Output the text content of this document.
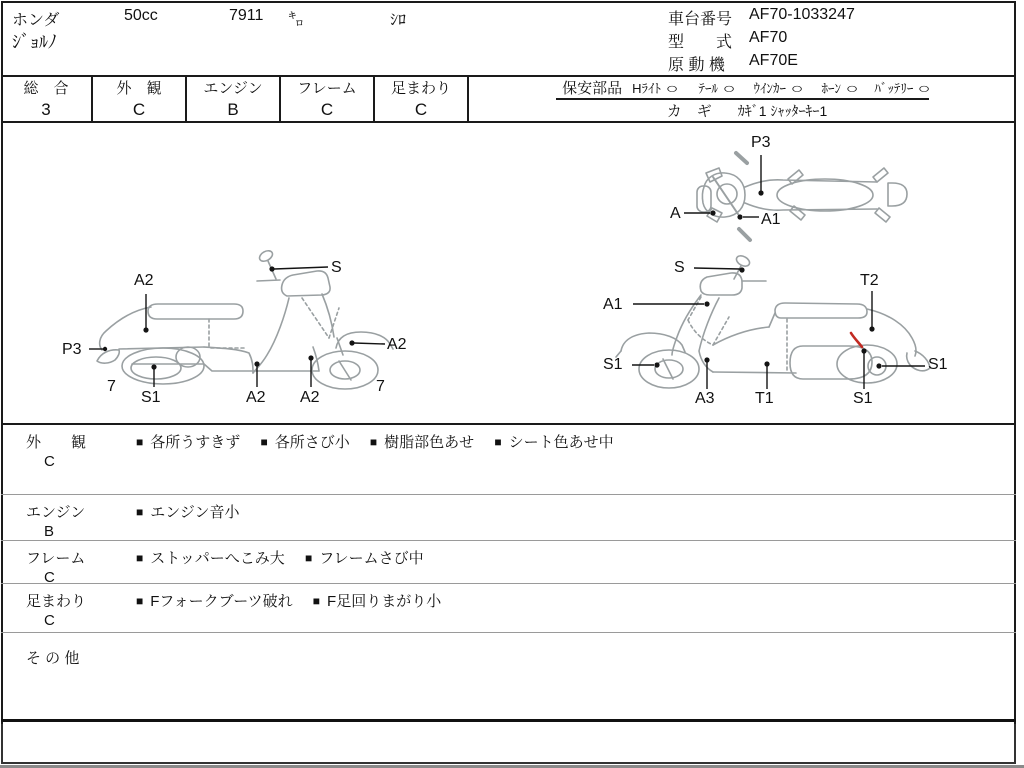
ホンダ	50cc	7911 ㌔	ｼﾛ
ｼﾞｮﾙﾉ
車台番号 AF70-1033247
型　　式 AF70
原 動 機 AF70E
総　合
3
外　観
C
エンジン
B
フレーム
C
足まわり
C
保安部品 Hﾗｲﾄ ○ ﾃｰﾙ ○ ｳｲﾝｶｰ ○ ﾎｰﾝ ○ ﾊﾞｯﾃﾘｰ ○
カ　ギ ｶｷﾞ1 ｼｬｯﾀｰｷｰ1
A2
S
P3	A2
7
S1	A2 A2
7
S
A1
T2
S1
A3	T1	S1
S1
P3
A	A1
外　　観
C
■ 各所うすきず ■ 各所さび小 ■ 樹脂部色あせ ■ シート色あせ中
エンジン
B
■ エンジン音小
フレーム
C
■ ストッパーへこみ大 ■ フレームさび中
足まわり
C
■ Fフォークブーツ破れ ■ F足回りまがり小
そ の 他
